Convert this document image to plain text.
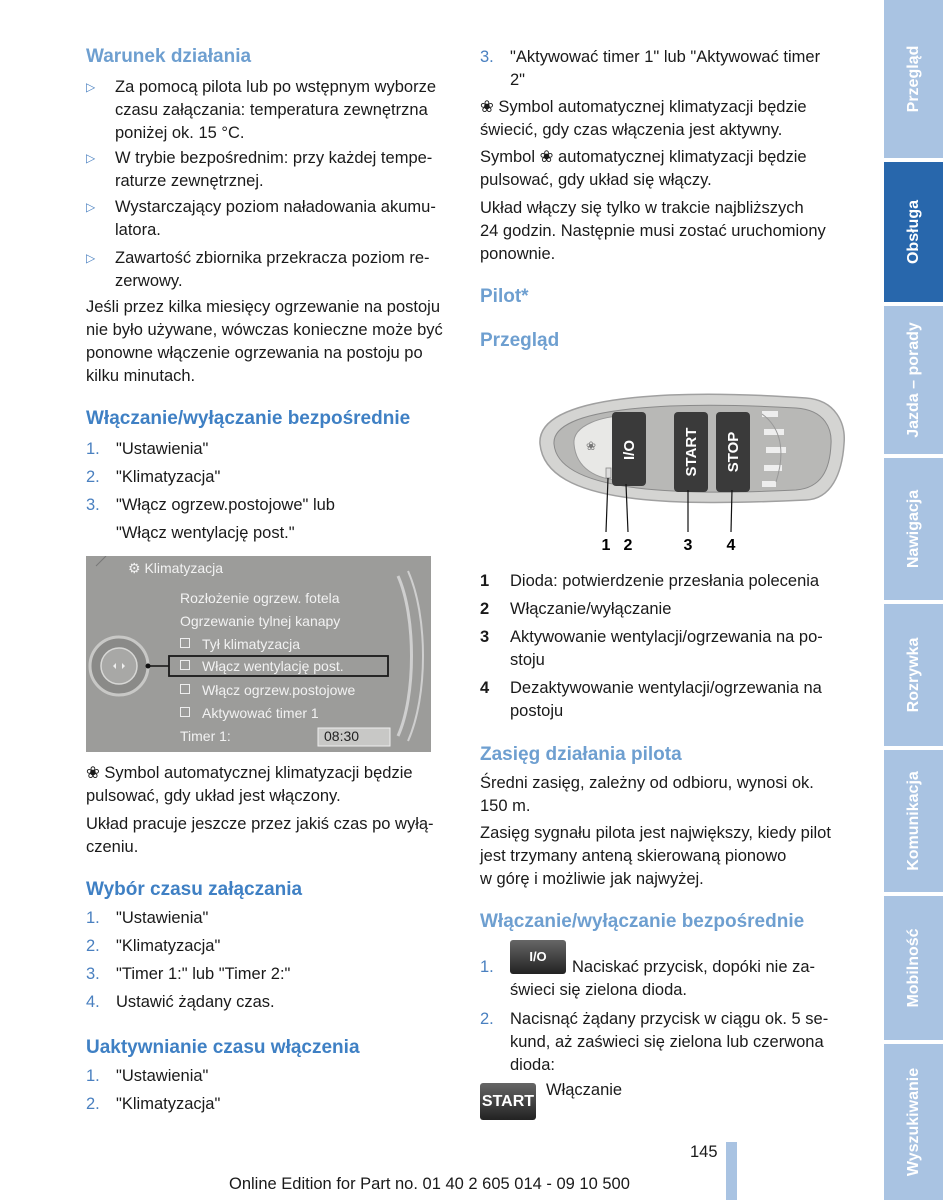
Warunek działania
▷ Za pomocą pilota lub po wstępnym wyborze
czasu załączania: temperatura zewnętrzna
poniżej ok. 15 °C.
▷ W trybie bezpośrednim: przy każdej tempe‐
raturze zewnętrznej.
▷ Wystarczający poziom naładowania akumu‐
latora.
▷ Zawartość zbiornika przekracza poziom re‐
zerwowy.
Jeśli przez kilka miesięcy ogrzewanie na postoju
nie było używane, wówczas konieczne może być
ponowne włączenie ogrzewania na postoju po
kilku minutach.
Włączanie/wyłączanie bezpośrednie
1. "Ustawienia"
2. "Klimatyzacja"
3. "Włącz ogrzew.postojowe" lub
"Włącz wentylację post."
❀ Symbol automatycznej klimatyzacji będzie
pulsować, gdy układ jest włączony.
Układ pracuje jeszcze przez jakiś czas po wyłą‐
czeniu.
Wybór czasu załączania
1. "Ustawienia"
2. "Klimatyzacja"
3. "Timer 1:" lub "Timer 2:"
4. Ustawić żądany czas.
Uaktywnianie czasu włączenia
1. "Ustawienia"
2. "Klimatyzacja"
⚙ Klimatyzacja
Rozłożenie ogrzew. fotela
Ogrzewanie tylnej kanapy
Tył klimatyzacja
Włącz wentylację post.
Włącz ogrzew.postojowe
Aktywować timer 1
Timer 1:	08:30
3. "Aktywować timer 1" lub "Aktywować timer
2"
❀ Symbol automatycznej klimatyzacji będzie
świecić, gdy czas włączenia jest aktywny.
Symbol ❀ automatycznej klimatyzacji będzie
pulsować, gdy układ się włączy.
Układ włączy się tylko w trakcie najbliższych
24 godzin. Następnie musi zostać uruchomiony
ponownie.
Pilot*
Przegląd
1 Dioda: potwierdzenie przesłania polecenia
2 Włączanie/wyłączanie
3 Aktywowanie wentylacji/ogrzewania na po‐
stoju
4 Dezaktywowanie wentylacji/ogrzewania na
postoju
Zasięg działania pilota
Średni zasięg, zależny od odbioru, wynosi ok.
150 m.
Zasięg sygnału pilota jest największy, kiedy pilot
jest trzymany anteną skierowaną pionowo
w górę i możliwie jak najwyżej.
Włączanie/wyłączanie bezpośrednie
1.	Naciskać przycisk, dopóki nie za‐
świeci się zielona dioda.
I/O
2. Nacisnąć żądany przycisk w ciągu ok. 5 se‐
kund, aż zaświeci się zielona lub czerwona
dioda:
START
Włączanie
❀ I/O	START STOP
1 2	3 4
145
Online Edition for Part no. 01 40 2 605 014 - 09 10 500
Przegląd
Obsługa
Jazda – porady
Nawigacja
Rozrywka
Komunikacja
Mobilność
Wyszukiwanie
